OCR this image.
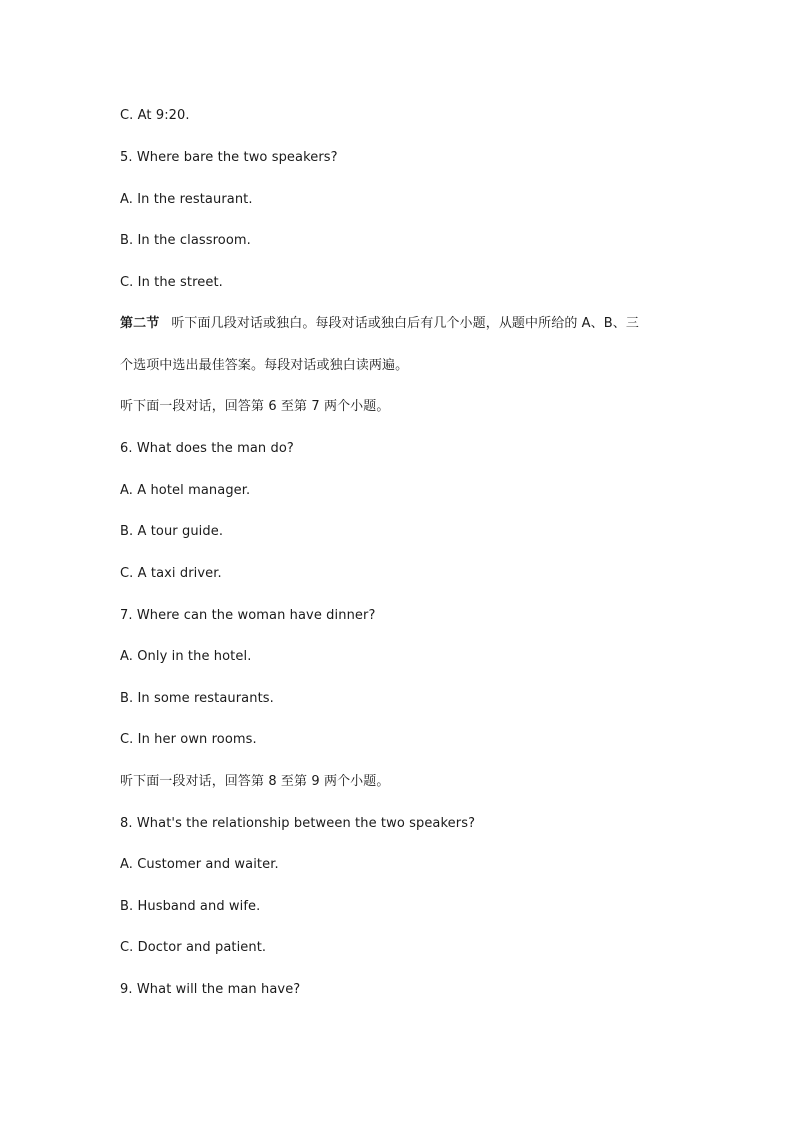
C. At 9:20.
5. Where bare the two speakers?
A. In the restaurant.
B. In the classroom.
C. In the street.
第二节 听下面几段对话或独白。每段对话或独白后有几个小题，从题中所给的 A、B、三
个选项中选出最佳答案。每段对话或独白读两遍。
听下面一段对话，回答第 6 至第 7 两个小题。
6. What does the man do?
A. A hotel manager.
B. A tour guide.
C. A taxi driver.
7. Where can the woman have dinner?
A. Only in the hotel.
B. In some restaurants.
C. In her own rooms.
听下面一段对话，回答第 8 至第 9 两个小题。
8. What's the relationship between the two speakers?
A. Customer and waiter.
B. Husband and wife.
C. Doctor and patient.
9. What will the man have?
